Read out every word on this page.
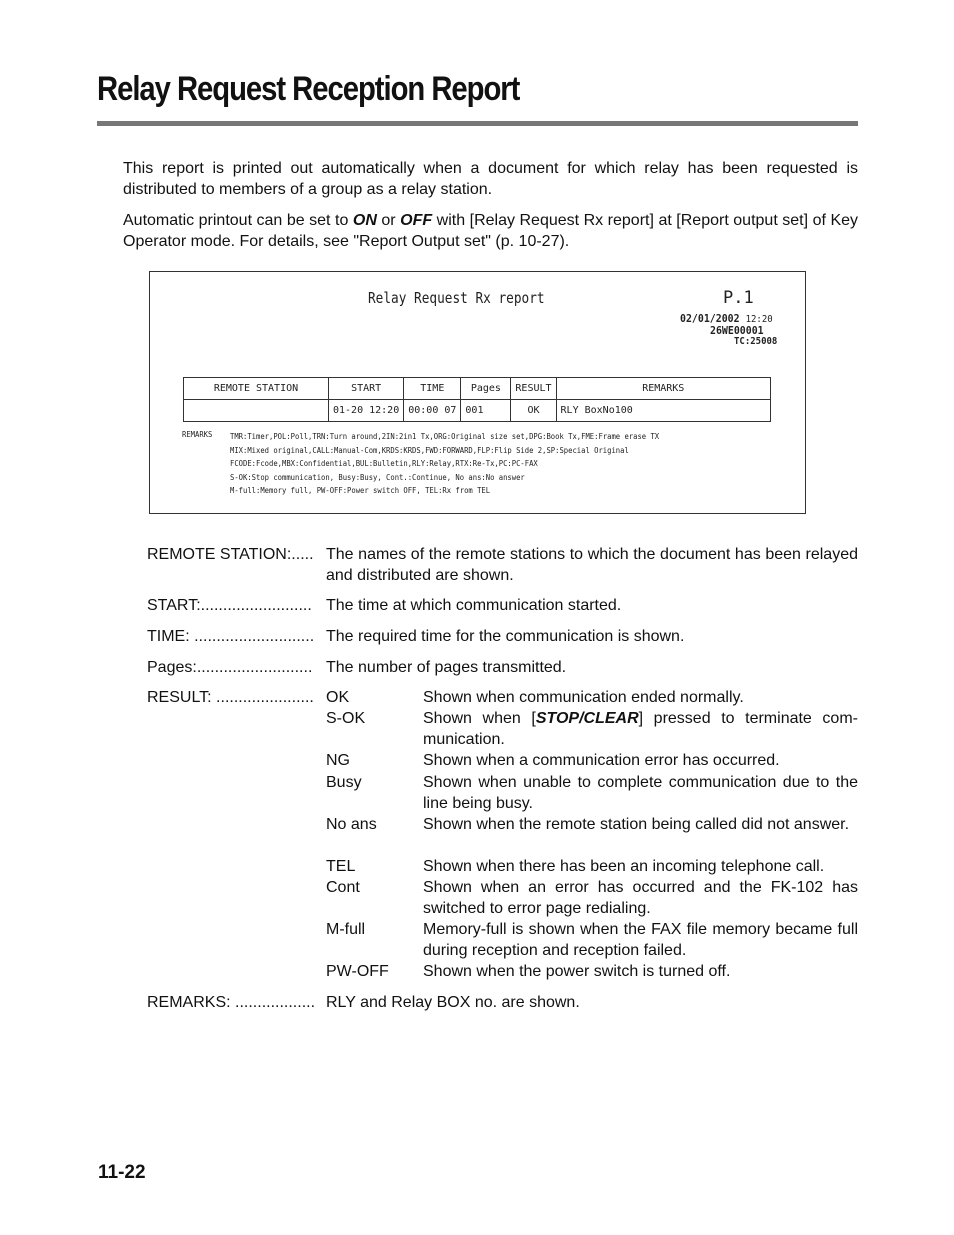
Relay Request Reception Report

This report is printed out automatically when a document for which relay has been requested is distributed to members of a group as a relay station.

Automatic printout can be set to ON or OFF with [Relay Request Rx report] at [Report output set] of Key Operator mode. For details, see "Report Output set" (p. 10-27).

Relay Request Rx report	P.1
02/01/2002 12:20
26WE00001
TC:25008
REMOTE STATION	START	TIME	Pages	RESULT	REMARKS
	01-20 12:20	00:00 07	001	OK	RLY BoxNo100
REMARKS TMR:Timer,POL:Poll,TRN:Turn around,2IN:2in1 Tx,ORG:Original size set,DPG:Book Tx,FME:Frame erase TX
MIX:Mixed original,CALL:Manual-Com,KRDS:KRDS,FWD:FORWARD,FLP:Flip Side 2,SP:Special Original
FCODE:Fcode,MBX:Confidential,BUL:Bulletin,RLY:Relay,RTX:Re-Tx,PC:PC-FAX
S-OK:Stop communication, Busy:Busy, Cont.:Continue, No ans:No answer
M-full:Memory full, PW-OFF:Power switch OFF, TEL:Rx from TEL
REMOTE STATION:..... The names of the remote stations to which the document has been relayed and distributed are shown.
START:......................... The time at which communication started.
TIME: ........................... The required time for the communication is shown.
Pages:.......................... The number of pages transmitted.
RESULT: ...................... OK	Shown when communication ended normally.
S-OK	Shown when [STOP/CLEAR] pressed to terminate com-munication.
NG	Shown when a communication error has occurred.
Busy	Shown when unable to complete communication due to the line being busy.
No ans	Shown when the remote station being called did not answer.
TEL	Shown when there has been an incoming telephone call.
Cont	Shown when an error has occurred and the FK-102 has switched to error page redialing.
M-full	Memory-full is shown when the FAX file memory became full during reception and reception failed.
PW-OFF Shown when the power switch is turned off.
REMARKS: .................. RLY and Relay BOX no. are shown.
11-22
